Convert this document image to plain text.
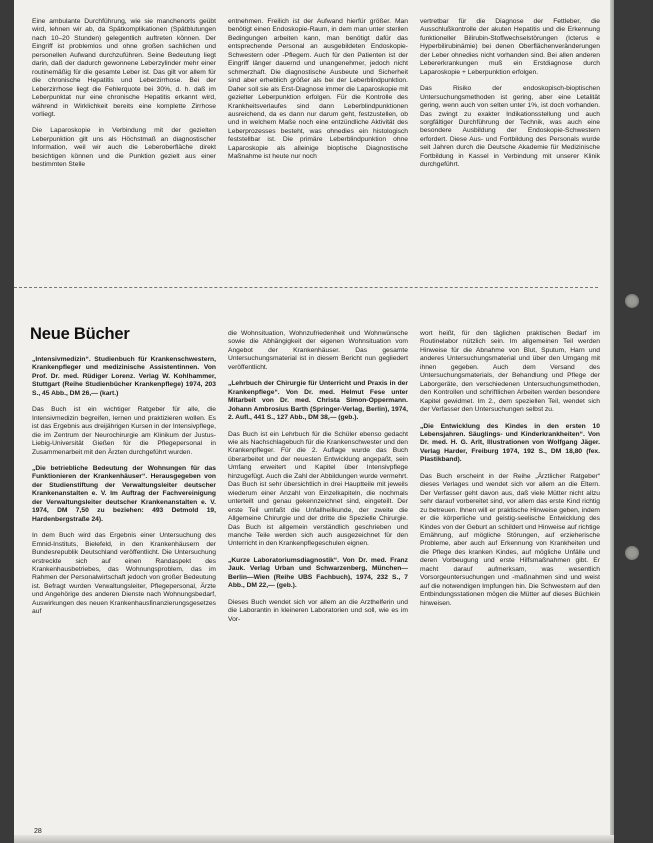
Eine ambulante Durchführung, wie sie manchenorts geübt wird, lehnen wir ab, da Spätkomplikationen (Spätblutungen nach 10–20 Stunden) gelegentlich auftreten können. Der Eingriff ist problemlos und ohne großen sachlichen und personellen Aufwand durchzuführen. Seine Bedeutung liegt darin, daß der dadurch gewonnene Leberzylinder mehr einer routinemäßig für die gesamte Leber ist. Das gilt vor allem für die chronische Hepatitis und Leberzirrhose. Bei der Leberzirrhose liegt die Fehlerquote bei 30%, d. h. daß im Leberpunktat nur eine chronische Hepatitis erkannt wird, während in Wirklichkeit bereits eine komplette Zirrhose vorliegt.

Die Laparoskopie in Verbindung mit der gezielten Leberpunktion gilt uns als Höchstmaß an diagnostischer Information, weil wir auch die Leberoberfläche direkt besichtigen können und die Punktion gezielt aus einer bestimmten Stelle

entnehmen. Freilich ist der Aufwand hierfür größer. Man benötigt einen Endoskopie-Raum, in dem man unter sterilen Bedingungen arbeiten kann, man benötigt dafür das entsprechende Personal an ausgebildeten Endoskopie-Schwestern oder -Pflegern. Auch für den Patienten ist der Eingriff länger dauernd und unangenehmer, jedoch nicht schmerzhaft. Die diagnostische Ausbeute und Sicherheit sind aber erheblich größer als bei der Leberblindpunktion. Daher soll sie als Erst-Diagnose immer die Laparoskopie mit gezielter Leberpunktion erfolgen. Für die Kontrolle des Krankheitsverlaufes sind dann Leberblindpunktionen ausreichend, da es dann nur darum geht, festzustellen, ob und in welchem Maße noch eine entzündliche Aktivität des Leberprozesses besteht, was ohnedies ein histologisch feststellbar ist. Die primäre Leberblindpunktion ohne Laparoskopie als alleinige bioptische Diagnostische Maßnahme ist heute nur noch

vertretbar für die Diagnose der Fettleber, die Ausschlußkontrolle der akuten Hepatitis und die Erkennung funktioneller Bilirubin-Stoffwechselstörungen (Icterus e Hyperbilirubinämie) bei denen Oberflächenveränderungen der Leber ohnedies nicht vorhanden sind. Bei allen anderen Lebererkrankungen muß ein Erstdiagnose durch Laparoskopie + Leberpunktion erfolgen.

Das Risiko der endoskopisch-bioptischen Untersuchungsmethoden ist gering, aber eine Letalität gering, wenn auch von selten unter 1%, ist doch vorhanden. Das zwingt zu exakter Indikationsstellung und auch sorgfältiger Durchführung der Technik, was auch eine besondere Ausbildung der Endoskopie-Schwestern erfordert. Diese Aus- und Fortbildung des Personals wurde seit Jahren durch die Deutsche Akademie für Medizinische Fortbildung in Kassel in Verbindung mit unserer Klinik durchgeführt.

Neue Bücher

„Intensivmedizin“. Studienbuch für Krankenschwestern, Krankenpfleger und medizinische Assistentinnen. Von Prof. Dr. med. Rüdiger Lorenz. Verlag W. Kohlhammer, Stuttgart (Reihe Studienbücher Krankenpflege) 1974, 203 S., 45 Abb., DM 26,— (kart.)

Das Buch ist ein wichtiger Ratgeber für alle, die Intensivmedizin begreifen, lernen und praktizieren wollen. Es ist das Ergebnis aus dreijährigen Kursen in der Intensivpflege, die im Zentrum der Neurochirurgie am Klinikum der Justus-Liebig-Universität Gießen für die Pflegepersonal in Zusammenarbeit mit den Ärzten durchgeführt wurden.

„Die betriebliche Bedeutung der Wohnungen für das Funktionieren der Krankenhäuser“. Herausgegeben von der Studienstiftung der Verwaltungsleiter deutscher Krankenanstalten e. V. Im Auftrag der Fachvereinigung der Verwaltungsleiter deutscher Krankenanstalten e. V. 1974, DM 7,50 zu beziehen: 493 Detmold 19, Hardenbergstraße 24).

In dem Buch wird das Ergebnis einer Untersuchung des Emnid-Instituts, Bielefeld, in den Krankenhäusern der Bundesrepublik Deutschland veröffentlicht. Die Untersuchung erstreckte sich auf einen Randaspekt des Krankenhausbetriebes, das Wohnungsproblem, das im Rahmen der Personalwirtschaft jedoch von großer Bedeutung ist. Befragt wurden Verwaltungsleiter, Pflegepersonal, Ärzte und Angehörige des anderen Dienste nach Wohnungsbedarf, Auswirkungen des neuen Krankenhausfinanzierungsgesetzes auf

die Wohnsituation, Wohnzufriedenheit und Wohnwünsche sowie die Abhängigkeit der eigenen Wohnsituation vom Angebot der Krankenhäuser. Das gesamte Untersuchungsmaterial ist in diesem Bericht nun gegliedert veröffentlicht.

„Lehrbuch der Chirurgie für Unterricht und Praxis in der Krankenpflege“. Von Dr. med. Helmut Fese unter Mitarbeit von Dr. med. Christa Simon-Oppermann. Johann Ambrosius Barth (Springer-Verlag, Berlin), 1974, 2. Aufl., 441 S., 127 Abb., DM 38,— (geb.).

Das Buch ist ein Lehrbuch für die Schüler ebenso gedacht wie als Nachschlagebuch für die Krankenschwester und den Krankenpfleger. Für die 2. Auflage wurde das Buch überarbeitet und der neuesten Entwicklung angepaßt, sein Umfang erweitert und Kapitel über Intensivpflege hinzugefügt. Auch die Zahl der Abbildungen wurde vermehrt. Das Buch ist sehr übersichtlich in drei Hauptteile mit jeweils wiederum einer Anzahl von Einzelkapiteln, die nochmals unterteilt und genau gekennzeichnet sind, eingeteilt. Der erste Teil umfaßt die Unfallheilkunde, der zweite die Allgemeine Chirurgie und der dritte die Spezielle Chirurgie. Das Buch ist allgemein verständlich geschrieben und manche Teile werden sich auch ausgezeichnet für den Unterricht in den Krankenpflegeschulen eignen.

„Kurze Laboratoriumsdiagnostik“. Von Dr. med. Franz Jauk. Verlag Urban und Schwarzenberg, München—Berlin—Wien (Reihe UBS Fachbuch), 1974, 232 S., 7 Abb., DM 22,— (geb.).

Dieses Buch wendet sich vor allem an die Arzthelferin und die Laborantin in kleineren Laboratorien und soll, wie es im Vor-

wort heißt, für den täglichen praktischen Bedarf im Routinelabor nützlich sein. Im allgemeinen Teil werden Hinweise für die Abnahme von Blut, Sputum, Harn und anderes Untersuchungsmaterial und über den Umgang mit ihnen gegeben. Auch dem Versand des Untersuchungsmaterials, der Behandlung und Pflege der Laborgeräte, den verschiedenen Untersuchungsmethoden, den Kontrollen und schriftlichen Arbeiten werden besondere Kapitel gewidmet. Im 2., dem speziellen Teil, wendet sich der Verfasser den Untersuchungen selbst zu.

„Die Entwicklung des Kindes in den ersten 10 Lebensjahren. Säuglings- und Kinderkrankheiten“. Von Dr. med. H. G. Arlt, Illustrationen von Wolfgang Jäger. Verlag Harder, Freiburg 1974, 192 S., DM 18,80 (fex. Plastikband).

Das Buch erscheint in der Reihe „Ärztlicher Ratgeber“ dieses Verlages und wendet sich vor allem an die Eltern. Der Verfasser geht davon aus, daß viele Mütter nicht allzu sehr darauf vorbereitet sind, vor allem das erste Kind richtig zu betreuen. Ihnen will er praktische Hinweise geben, indem er die körperliche und geistig-seelische Entwicklung des Kindes von der Geburt an schildert und Hinweise auf richtige Ernährung, auf mögliche Störungen, auf erzieherische Probleme, aber auch auf Erkennung von Krankheiten und die Pflege des kranken Kindes, auf mögliche Unfälle und deren Vorbeugung und erste Hilfsmaßnahmen gibt. Er macht darauf aufmerksam, was wesentlich Vorsorgeuntersuchungen und -maßnahmen sind und weist auf die notwendigen Impfungen hin. Die Schwestern auf den Entbindungsstationen mögen die Mütter auf dieses Büchlein hinweisen.

28
